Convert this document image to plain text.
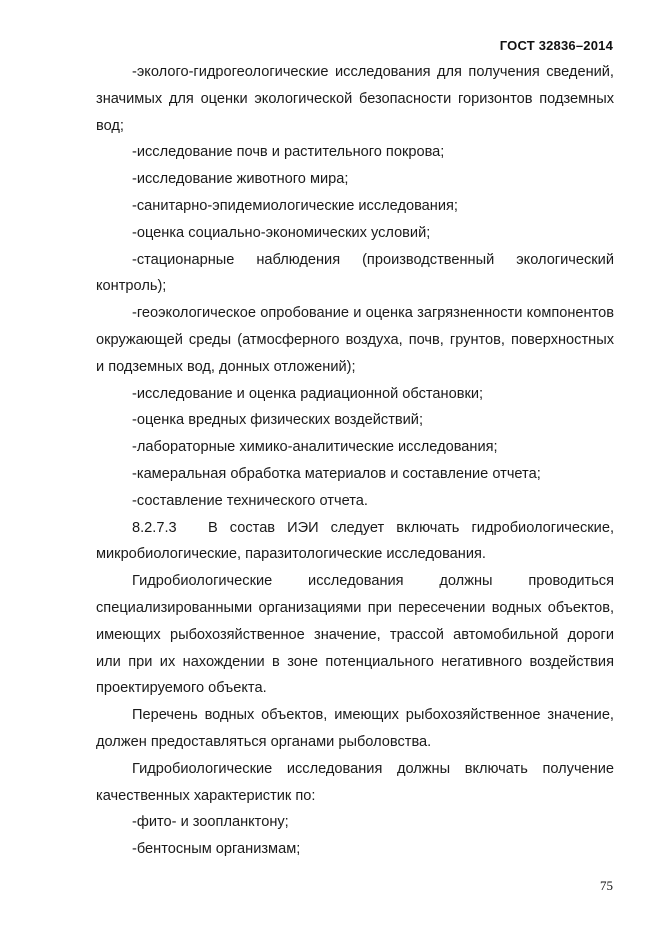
ГОСТ 32836–2014

-эколого-гидрогеологические исследования для получения сведений, значимых для оценки экологической безопасности горизонтов подземных вод;

-исследование почв и растительного покрова;

-исследование животного мира;

-санитарно-эпидемиологические исследования;

-оценка социально-экономических условий;

-стационарные наблюдения (производственный экологический контроль);

-геоэкологическое опробование и оценка загрязненности компонентов окружающей среды (атмосферного воздуха, почв, грунтов, поверхностных и подземных вод, донных отложений);

-исследование и оценка радиационной обстановки;

-оценка вредных физических воздействий;

-лабораторные химико-аналитические исследования;

-камеральная обработка материалов и составление отчета;

-составление технического отчета.

8.2.7.3 В состав ИЭИ следует включать гидробиологические, микробиологические, паразитологические исследования.

Гидробиологические исследования должны проводиться специализированными организациями при пересечении водных объектов, имеющих рыбохозяйственное значение, трассой автомобильной дороги или при их нахождении в зоне потенциального негативного воздействия проектируемого объекта.

Перечень водных объектов, имеющих рыбохозяйственное значение, должен предоставляться органами рыболовства.

Гидробиологические исследования должны включать получение качественных характеристик по:

-фито- и зоопланктону;

-бентосным организмам;

75
